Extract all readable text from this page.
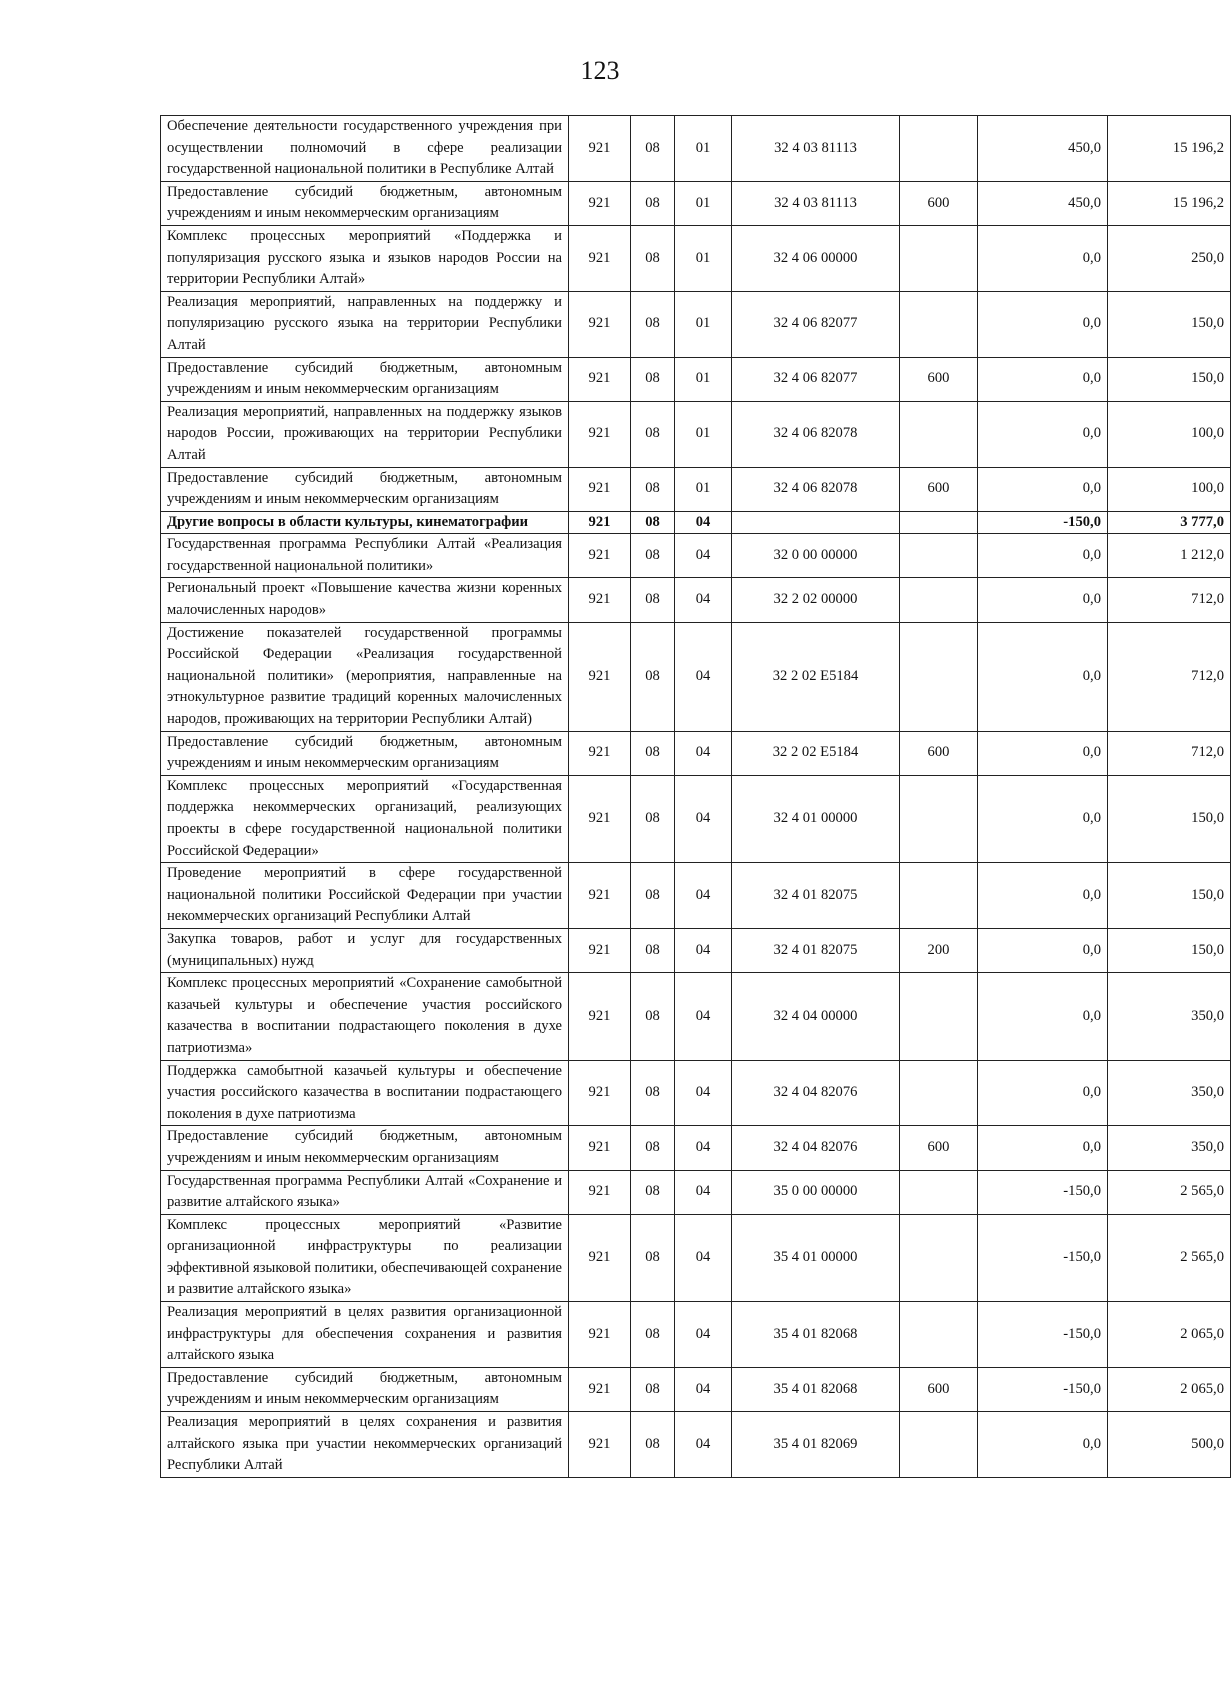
123
Обеспечение деятельности государственного учреждения при осуществлении полномочий в сфере реализации государственной национальной политики в Республике Алтай	921	08	01	32 4 03 81113		450,0	15 196,2
Предоставление субсидий бюджетным, автономным учреждениям и иным некоммерческим организациям	921	08	01	32 4 03 81113	600	450,0	15 196,2
Комплекс процессных мероприятий «Поддержка и популяризация русского языка и языков народов России на территории Республики Алтай»	921	08	01	32 4 06 00000		0,0	250,0
Реализация мероприятий, направленных на поддержку и популяризацию русского языка на территории Республики Алтай	921	08	01	32 4 06 82077		0,0	150,0
Предоставление субсидий бюджетным, автономным учреждениям и иным некоммерческим организациям	921	08	01	32 4 06 82077	600	0,0	150,0
Реализация мероприятий, направленных на поддержку языков народов России, проживающих на территории Республики Алтай	921	08	01	32 4 06 82078		0,0	100,0
Предоставление субсидий бюджетным, автономным учреждениям и иным некоммерческим организациям	921	08	01	32 4 06 82078	600	0,0	100,0
Другие вопросы в области культуры, кинематографии	921	08	04			-150,0	3 777,0
Государственная программа Республики Алтай «Реализация государственной национальной политики»	921	08	04	32 0 00 00000		0,0	1 212,0
Региональный проект «Повышение качества жизни коренных малочисленных народов»	921	08	04	32 2 02 00000		0,0	712,0
Достижение показателей государственной программы Российской Федерации «Реализация государственной национальной политики» (мероприятия, направленные на этнокультурное развитие традиций коренных малочисленных народов, проживающих на территории Республики Алтай)	921	08	04	32 2 02 E5184		0,0	712,0
Предоставление субсидий бюджетным, автономным учреждениям и иным некоммерческим организациям	921	08	04	32 2 02 E5184	600	0,0	712,0
Комплекс процессных мероприятий «Государственная поддержка некоммерческих организаций, реализующих проекты в сфере государственной национальной политики Российской Федерации»	921	08	04	32 4 01 00000		0,0	150,0
Проведение мероприятий в сфере государственной национальной политики Российской Федерации при участии некоммерческих организаций Республики Алтай	921	08	04	32 4 01 82075		0,0	150,0
Закупка товаров, работ и услуг для государственных (муниципальных) нужд	921	08	04	32 4 01 82075	200	0,0	150,0
Комплекс процессных мероприятий «Сохранение самобытной казачьей культуры и обеспечение участия российского казачества в воспитании подрастающего поколения в духе патриотизма»	921	08	04	32 4 04 00000		0,0	350,0
Поддержка самобытной казачьей культуры и обеспечение участия российского казачества в воспитании подрастающего поколения в духе патриотизма	921	08	04	32 4 04 82076		0,0	350,0
Предоставление субсидий бюджетным, автономным учреждениям и иным некоммерческим организациям	921	08	04	32 4 04 82076	600	0,0	350,0
Государственная программа Республики Алтай «Сохранение и развитие алтайского языка»	921	08	04	35 0 00 00000		-150,0	2 565,0
Комплекс процессных мероприятий «Развитие организационной инфраструктуры по реализации эффективной языковой политики, обеспечивающей сохранение и развитие алтайского языка»	921	08	04	35 4 01 00000		-150,0	2 565,0
Реализация мероприятий в целях развития организационной инфраструктуры для обеспечения сохранения и развития алтайского языка	921	08	04	35 4 01 82068		-150,0	2 065,0
Предоставление субсидий бюджетным, автономным учреждениям и иным некоммерческим организациям	921	08	04	35 4 01 82068	600	-150,0	2 065,0
Реализация мероприятий в целях сохранения и развития алтайского языка при участии некоммерческих организаций Республики Алтай	921	08	04	35 4 01 82069		0,0	500,0
